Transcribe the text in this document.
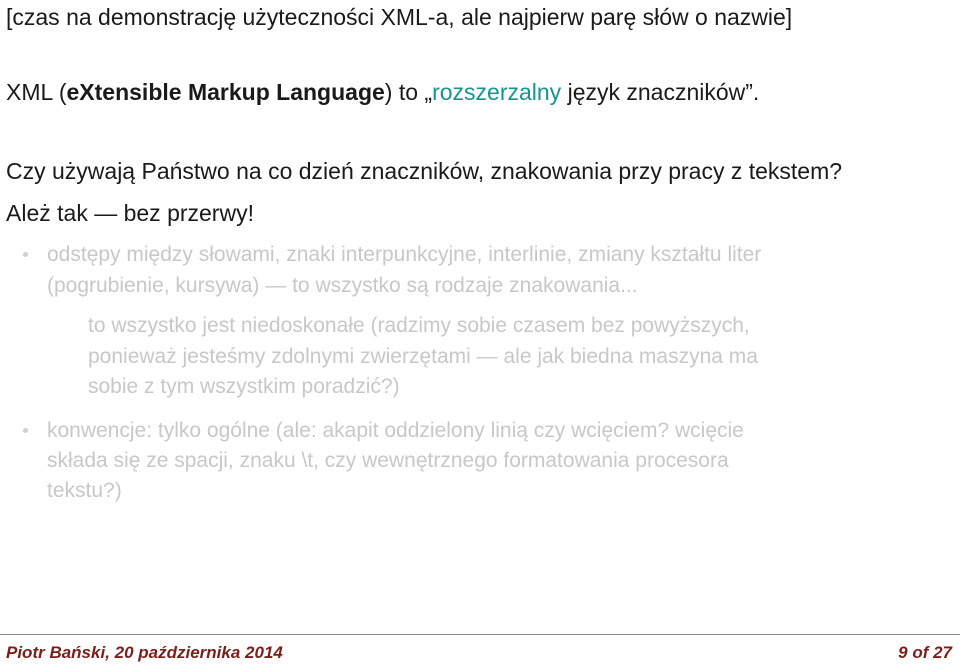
[czas na demonstrację użyteczności XML-a, ale najpierw parę słów o nazwie]
XML (eXtensible Markup Language) to „rozszerzalny język znaczników”.
Czy używają Państwo na co dzień znaczników, znakowania przy pracy z tekstem?
Ależ tak — bez przerwy!
odstępy między słowami, znaki interpunkcyjne, interlinie, zmiany kształtu liter
(pogrubienie, kursywa) — to wszystko są rodzaje znakowania...
to wszystko jest niedoskonałe (radzimy sobie czasem bez powyższych,
ponieważ jesteśmy zdolnymi zwierzętami — ale jak biedna maszyna ma
sobie z tym wszystkim poradzić?)
konwencje: tylko ogólne (ale: akapit oddzielony linią czy wcięciem? wcięcie
składa się ze spacji, znaku \t, czy wewnętrznego formatowania procesora
tekstu?)
Piotr Bański, 20 października 2014	9 of 27
